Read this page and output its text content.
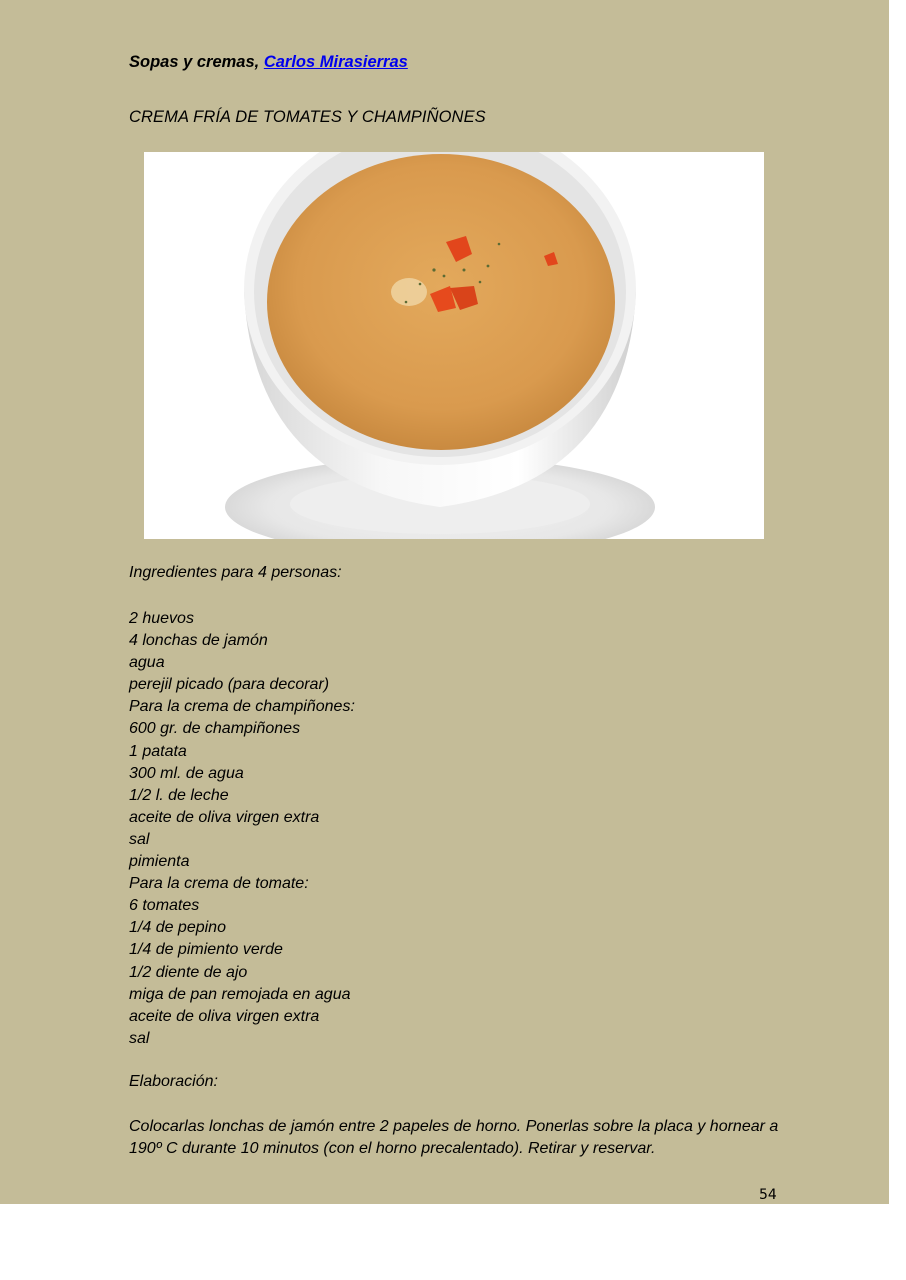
Sopas y cremas, Carlos Mirasierras
CREMA FRÍA DE TOMATES Y CHAMPIÑONES
Ingredientes para 4 personas:
2 huevos
4 lonchas de jamón
agua
perejil picado (para decorar)
Para la crema de champiñones:
600 gr. de champiñones
1 patata
300 ml. de agua
1/2 l. de leche
aceite de oliva virgen extra
sal
pimienta
Para la crema de tomate:
6 tomates
1/4 de pepino
1/4 de pimiento verde
1/2 diente de ajo
miga de pan remojada en agua
aceite de oliva virgen extra
sal
Elaboración:
Colocarlas lonchas de jamón entre 2 papeles de horno. Ponerlas sobre la placa y hornear a 190º C durante 10 minutos (con el horno precalentado). Retirar y reservar.
54
